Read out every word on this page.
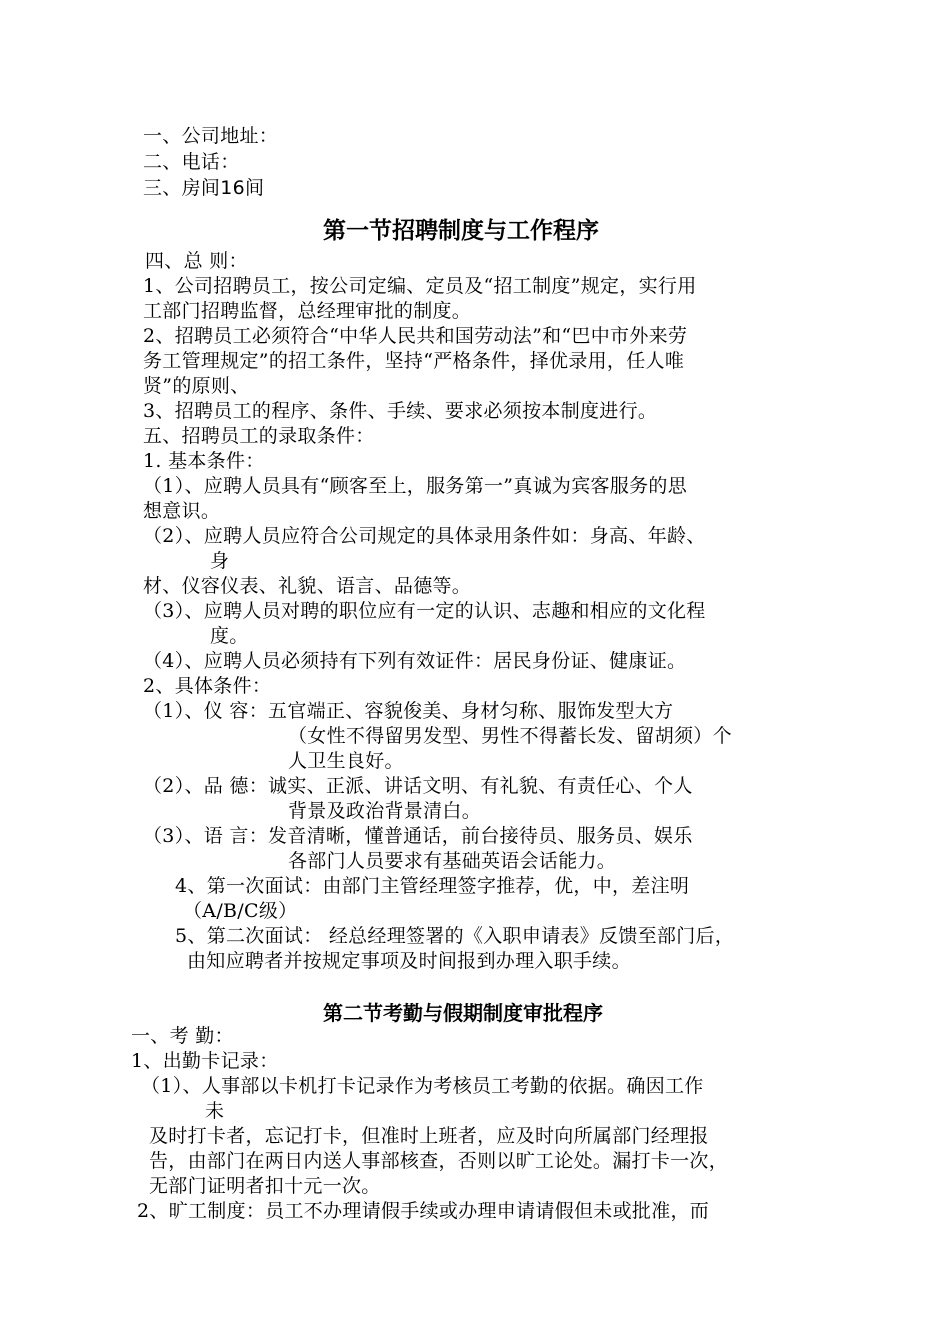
一、公司地址：
二、电话：
三、房间16间
第一节招聘制度与工作程序
四、总 则：
1、公司招聘员工，按公司定编、定员及“招工制度”规定，实行用
工部门招聘监督，总经理审批的制度。
2、招聘员工必须符合“中华人民共和国劳动法”和“巴中市外来劳
务工管理规定”的招工条件，坚持“严格条件，择优录用，任人唯
贤”的原则、
3、招聘员工的程序、条件、手续、要求必须按本制度进行。
五、招聘员工的录取条件：
1. 基本条件：
（1）、应聘人员具有“顾客至上，服务第一”真诚为宾客服务的思
想意识。
（2）、应聘人员应符合公司规定的具体录用条件如：身高、年龄、
身
材、仪容仪表、礼貌、语言、品德等。
（3）、应聘人员对聘的职位应有一定的认识、志趣和相应的文化程
度。
（4）、应聘人员必须持有下列有效证件：居民身份证、健康证。
2、具体条件：
（1）、仪 容：五官端正、容貌俊美、身材匀称、服饰发型大方
（女性不得留男发型、男性不得蓄长发、留胡须）个
人卫生良好。
（2）、品 德：诚实、正派、讲话文明、有礼貌、有责任心、个人
背景及政治背景清白。
（3）、语 言：发音清晰，懂普通话，前台接待员、服务员、娱乐
各部门人员要求有基础英语会话能力。
4、第一次面试：由部门主管经理签字推荐，优，中，差注明
（A/B/C级）
5、第二次面试： 经总经理签署的《入职申请表》反馈至部门后，
由知应聘者并按规定事项及时间报到办理入职手续。
第二节考勤与假期制度审批程序
一、考 勤：
1、出勤卡记录：
（1）、人事部以卡机打卡记录作为考核员工考勤的依据。确因工作
未
及时打卡者，忘记打卡，但准时上班者，应及时向所属部门经理报
告，由部门在两日内送人事部核查，否则以旷工论处。漏打卡一次，
无部门证明者扣十元一次。
2、旷工制度：员工不办理请假手续或办理申请请假但未或批准，而
